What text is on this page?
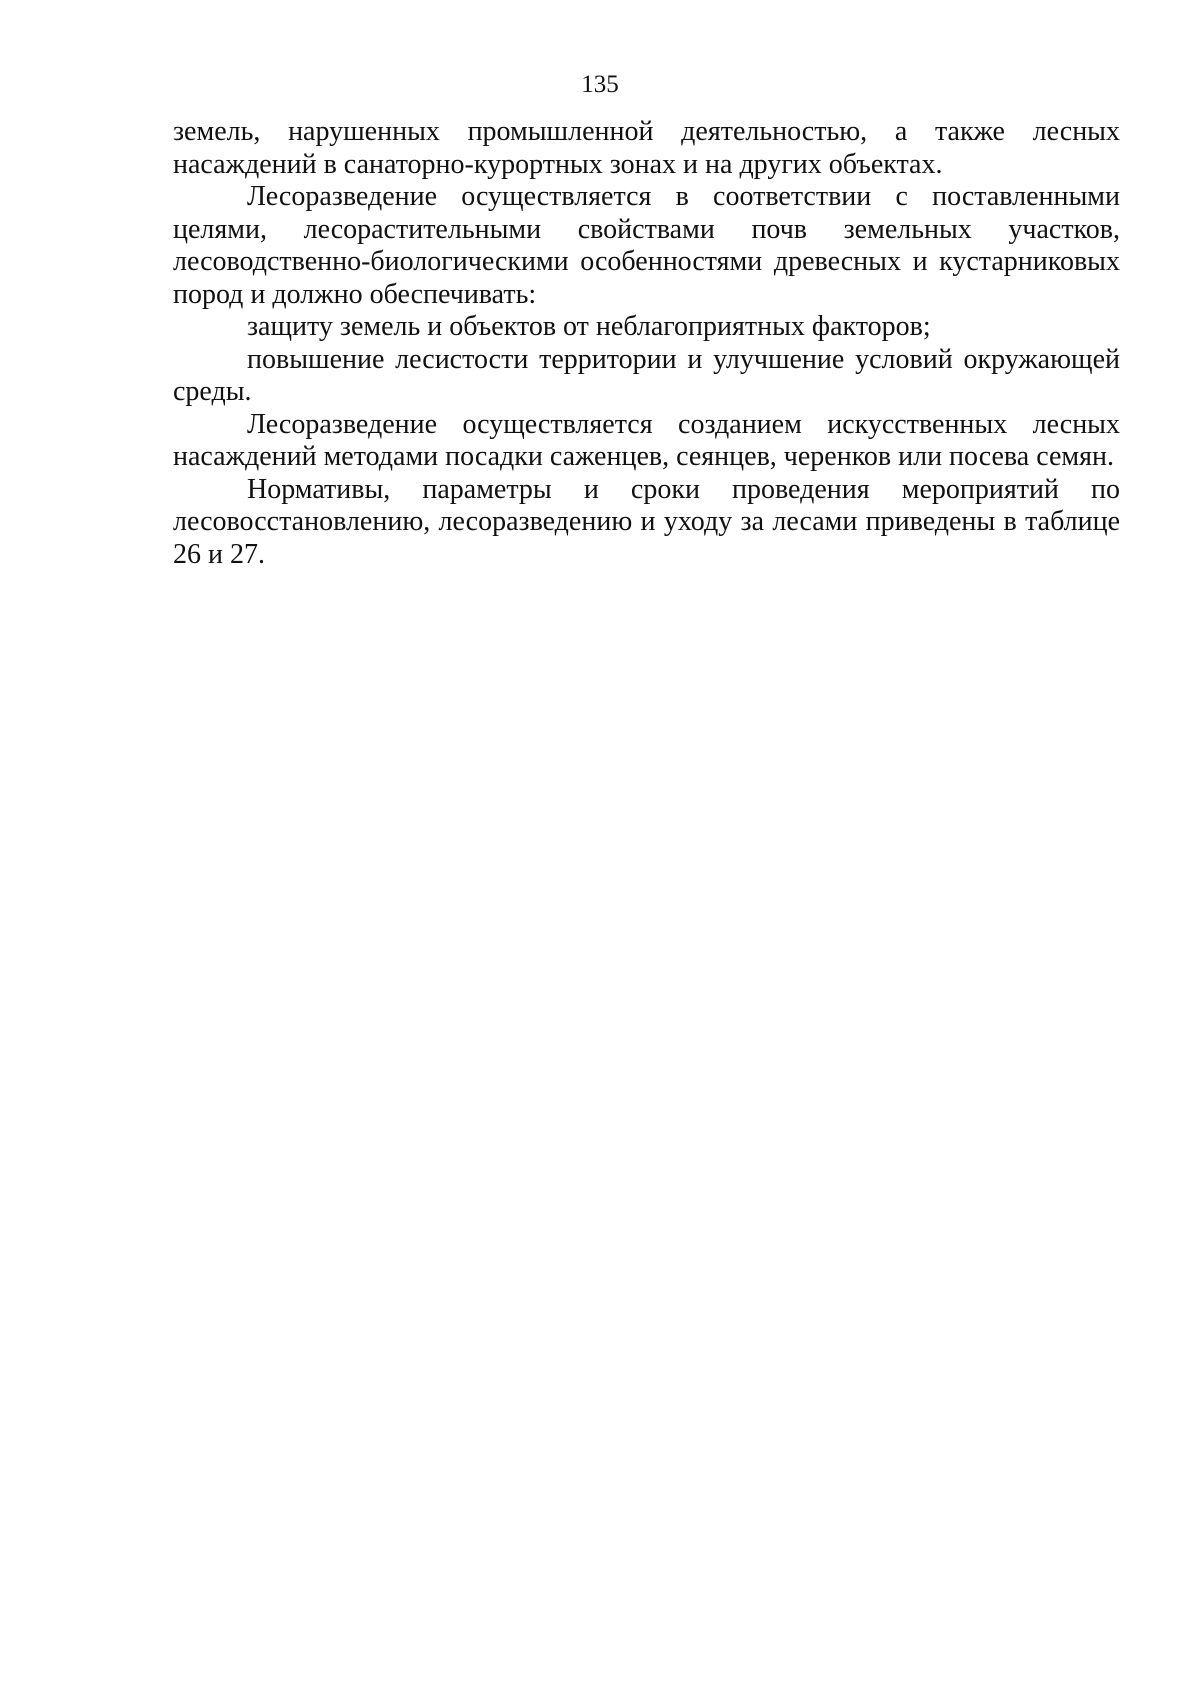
135

земель, нарушенных промышленной деятельностью, а также лесных насаждений в санаторно-курортных зонах и на других объектах.

Лесоразведение осуществляется в соответствии с поставленными целями, лесорастительными свойствами почв земельных участков, лесоводственно-биологическими особенностями древесных и кустарниковых пород и должно обеспечивать:

защиту земель и объектов от неблагоприятных факторов;

повышение лесистости территории и улучшение условий окружающей среды.

Лесоразведение осуществляется созданием искусственных лесных насаждений методами посадки саженцев, сеянцев, черенков или посева семян.

Нормативы, параметры и сроки проведения мероприятий по лесовосстановлению, лесоразведению и уходу за лесами приведены в таблице 26 и 27.
